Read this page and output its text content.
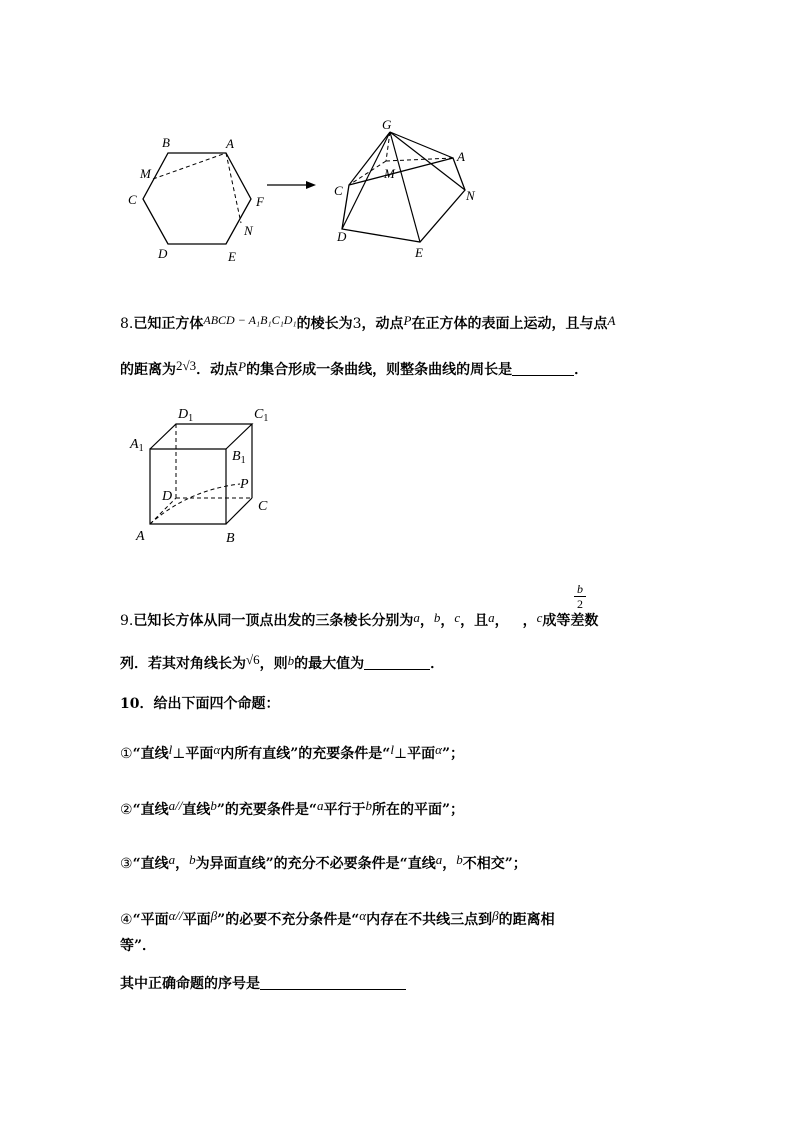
B	A
M
C	F
N
D	E
G
A
M
C	N
D
E
8.已知正方体ABCD − A₁B₁C₁D₁的棱长为3，动点P在正方体的表面上运动，且与点A
的距离为2√3．动点P的集合形成一条曲线，则整条曲线的周长是	．
$D_1$	$C_1$
$A_1$
$B_1$
D
P
C
A	B
$\frac{b}{2}$
9.已知长方体从同一顶点出发的三条棱长分别为a，b，c，且a， ，c成等差数
列．若其对角线长为√6，则b的最大值为	．
10．给出下面四个命题：
①“直线l⊥平面α内所有直线”的充要条件是“l⊥平面α”；
②“直线a//直线b”的充要条件是“a平行于b所在的平面”；
③“直线a，b为异面直线”的充分不必要条件是“直线a，b不相交”；
④“平面α//平面β”的必要不充分条件是“α内存在不共线三点到β的距离相
等”．
其中正确命题的序号是
